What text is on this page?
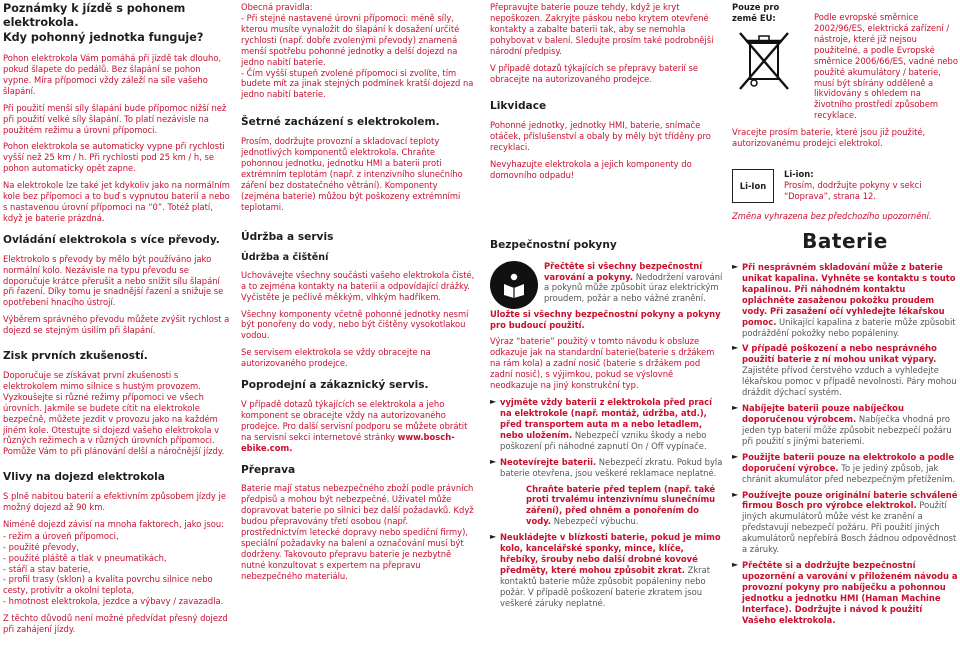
Poznámky k jízdě s pohonem elektrokola.
Kdy pohonný jednotka funguje?

Pohon elektrokola Vám pomáhá při jízdě tak dlouho, pokud šlapete do pedálů. Bez šlapání se pohon vypne. Míra přípomoci vždy záleží na síle vašeho šlapání.

Při použití menší síly šlapání bude přípomoc nižší než při použití velké síly šlapání. To platí nezávisle na použitém režimu a úrovni přípomoci.

Pohon elektrokola se automaticky vypne při rychlosti vyšší než 25 km / h. Při rychlosti pod 25 km / h, se pohon automaticky opět zapne.

Na elektrokole lze také jet kdykoliv jako na normálním kole bez přípomoci a to buď s vypnutou baterií a nebo s nastavenou úrovní přípomoci na “0”. Totéž platí, když je baterie prázdná.

Ovládání elektrokola s více převody.

Elektrokolo s převody by mělo být používáno jako normální kolo. Nezávisle na typu převodu se doporučuje krátce přerušit a nebo snížit sílu šlapání při řazení. Díky tomu je snadnější řazení a snižuje se opotřebení hnacího ústrojí.

Výběrem správného převodu můžete zvýšit rychlost a dojezd se stejným úsilím při šlapání.

Zisk prvních zkušeností.

Doporučuje se získávat první zkušenosti s elektrokolem mimo silnice s hustým provozem. Vyzkoušejte si různé režimy přípomoci ve všech úrovních. Jakmile se budete cítit na elektrokole bezpečně, můžete jezdit v provozu jako na každém jiném kole. Otestujte si dojezd vašeho elektrokola v různých režimech a v různých úrovních přípomoci. Pomůže Vám to při plánování delší a náročnější jízdy.

Vlivy na dojezd elektrokola

S plně nabitou baterií a efektivním způsobem jízdy je možný dojezd až 90 km.

Niméně dojezd závisí na mnoha faktorech, jako jsou:

- režim a úroveň přípomoci,
- použité převody,
- použité pláště a tlak v pneumatikách,
- stáří a stav baterie,
- profil trasy (sklon) a kvalita povrchu silnice nebo cesty, protivítr a okolní teplota,
- hmotnost elektrokola, jezdce a výbavy / zavazadla.

Z těchto důvodů není možné předvídat přesný dojezd při zahájení jízdy.

Obecná pravidla:

- Při stejné nastavené úrovni přípomoci: méně síly, kterou musíte vynaložit do šlapání k dosažení určité rychlosti (např. dobře zvolenými převody) znamená menší spotřebu pohonné jednotky a delší dojezd na jedno nabití baterie.
- Čím vyšší stupeň zvolené přípomoci si zvolíte, tím budete mít za jinak stejných podmínek kratší dojezd na jedno nabití baterie.
Šetrné zacházení s elektrokolem.

Prosím, dodržujte provozní a skladovací teploty jednotlivých komponentů elektrokola. Chraňte pohonnou jednotku, jednotku HMI a baterii proti extrémním teplotám (např. z intenzivního slunečního záření bez dostatečného větrání). Komponenty (zejména baterie) můžou být poškozeny extrémními teplotami.

Údržba a servis
Údržba a čištění

Uchovávejte všechny součásti vašeho elektrokola čisté, a to zejména kontakty na baterii a odpovídající drážky. Vyčistěte je pečlivě měkkým, vlhkým hadříkem.

Všechny komponenty včetně pohonné jednotky nesmí být ponořeny do vody, nebo být čištěny vysokotlakou vodou.

Se servisem elektrokola se vždy obracejte na autorizovaného prodejce.

Poprodejní a zákaznický servis.

V případě dotazů týkajících se elektrokola a jeho komponent se obracejte vždy na autorizovaného prodejce. Pro další servisní podporu se můžete obrátit na servisní sekci internetové stránky www.bosch-ebike.com.

Přeprava

Baterie mají status nebezpečného zboží podle právních předpisů a mohou být nebezpečné. Uživatel může dopravovat baterie po silnici bez další požadavků. Když budou přepravovány třetí osobou (např. prostřednictvím letecké dopravy nebo spediční firmy), speciální požadavky na balení a označování musí být dodrženy. Takovouto přepravu baterie je nezbytně nutné konzultovat s expertem na přepravu nebezpečného materiálu.

Přepravujte baterie pouze tehdy, když je kryt nepoškozen. Zakryjte páskou nebo krytem otevřené kontakty a zabalte baterii tak, aby se nemohla pohybovat v balení. Sledujte prosím také podrobnější národní předpisy.

V případě dotazů týkajících se přepravy baterií se obracejte na autorizovaného prodejce.

Likvidace

Pohonné jednotky, jednotky HMI, baterie, snímače otáček, příslušenství a obaly by měly být tříděny pro recyklaci.

Nevyhazujte elektrokola a jejich komponenty do domovního odpadu!

Bezpečnostní pokyny

Přečtěte si všechny bezpečnostní varování a pokyny. Nedodržení varování a pokynů může způsobit úraz elektrickým proudem, požár a nebo vážné zranění.

Uložte si všechny bezpečnostní pokyny a pokyny pro budoucí použití.

Výraz “baterie” použitý v tomto návodu k obsluze odkazuje jak na standardní baterie(baterie s držákem na rám kola) a zadní nosič (baterie s držákem pod zadní nosič), s výjimkou, pokud se výslovně neodkazuje na jiný konstrukční typ.

► vyjměte vždy baterii z elektrokola před prací na elektrokole (např. montáž, údržba, atd.), před transportem auta m a nebo letadlem, nebo uložením. Nebezpečí vzniku škody a nebo poškození při náhodné zapnutí On / Off vypínače.
► Neotevírejte baterii. Nebezpečí zkratu. Pokud byla baterie otevřena, jsou veškeré reklamace neplatné.
Chraňte baterie před teplem (např. také proti trvalému intenzivnímu slunečnímu záření), před ohněm a ponořením do vody. Nebezpečí výbuchu.
► Neukládejte v blízkosti baterie, pokud je mimo kolo, kancelářské sponky, mince, klíče, hřebíky, šrouby nebo další drobné kovové předměty, které mohou způsobit zkrat. Zkrat kontaktů baterie může způsobit popáleniny nebo požár. V případě poškození baterie zkratem jsou veškeré záruky neplatné.
Pouze pro země EU:	Podle evropské směrnice 2002/96/ES, elektrická zařízení / nástroje, které již nejsou použitelné, a podle Evropské směrnice 2006/66/ES, vadné nebo použité akumulátory / baterie, musí být sbírány odděleně a likvidovány s ohledem na životního prostředí způsobem recyklace.

Vracejte prosím baterie, které jsou již použité, autorizovanému prodejci elektrokol.

Li-Ion
Li-ion:
Prosím, dodržujte pokyny v sekci “Doprava”, strana 12.

Změna vyhrazena bez předchozího upozornění.

Baterie
► Při nesprávném skladování může z baterie unikat kapalina. Vyhněte se kontaktu s touto kapalinou. Při náhodném kontaktu opláchněte zasaženou pokožku proudem vody. Při zasažení očí vyhledejte lékařskou pomoc. Unikající kapalina z baterie může způsobit podráždění pokožky nebo popáleniny.
► V případě poškození a nebo nesprávného použití baterie z ní mohou unikat výpary. Zajistěte přívod čerstvého vzduch a vyhledejte lékařskou pomoc v případě nevolnosti. Páry mohou dráždit dýchací systém.
► Nabíjejte baterii pouze nabíječkou doporučenou výrobcem. Nabíječka vhodná pro jeden typ baterií může způsobit nebezpečí požáru při použití s jinými bateriemi.
► Použijte baterii pouze na elektrokolo a podle doporučení výrobce. To je jediný způsob, jak chránit akumulátor před nebezpečným přetížením.
► Používejte pouze originální baterie schválené firmou Bosch pro výrobce elektrokol. Použití jiných akumulátorů může vést ke zranění a představují nebezpečí požáru. Při použití jiných akumulátorů nepřebírá Bosch žádnou odpovědnost a záruky.
► Přečtěte si a dodržujte bezpečnostní upozornění a varování v přiloženém návodu a provozní pokyny pro nabíječku a pohonnou jednotku a jednotku HMI (Haman Machine Interface). Dodržujte i návod k použití Vašeho elektrokola.
